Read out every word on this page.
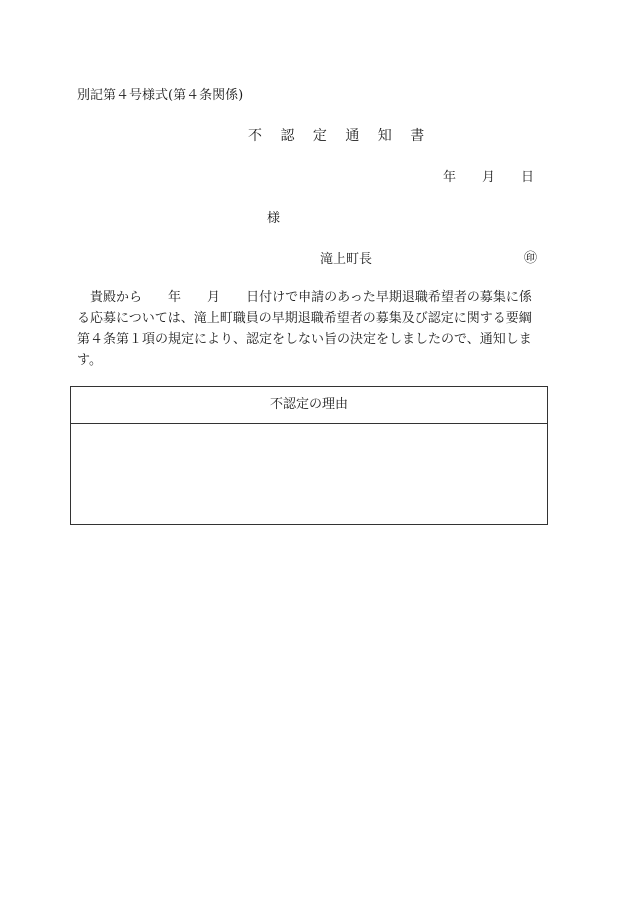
別記第４号様式(第４条関係)
不 認 定 通 知 書
年 月 日
様
滝上町長	㊞

　貴殿から 年 月 日付けで申請のあった早期退職希望者の募集に係

る応募については、滝上町職員の早期退職希望者の募集及び認定に関する要綱

第４条第１項の規定により、認定をしない旨の決定をしましたので、通知しま

す。

不認定の理由
